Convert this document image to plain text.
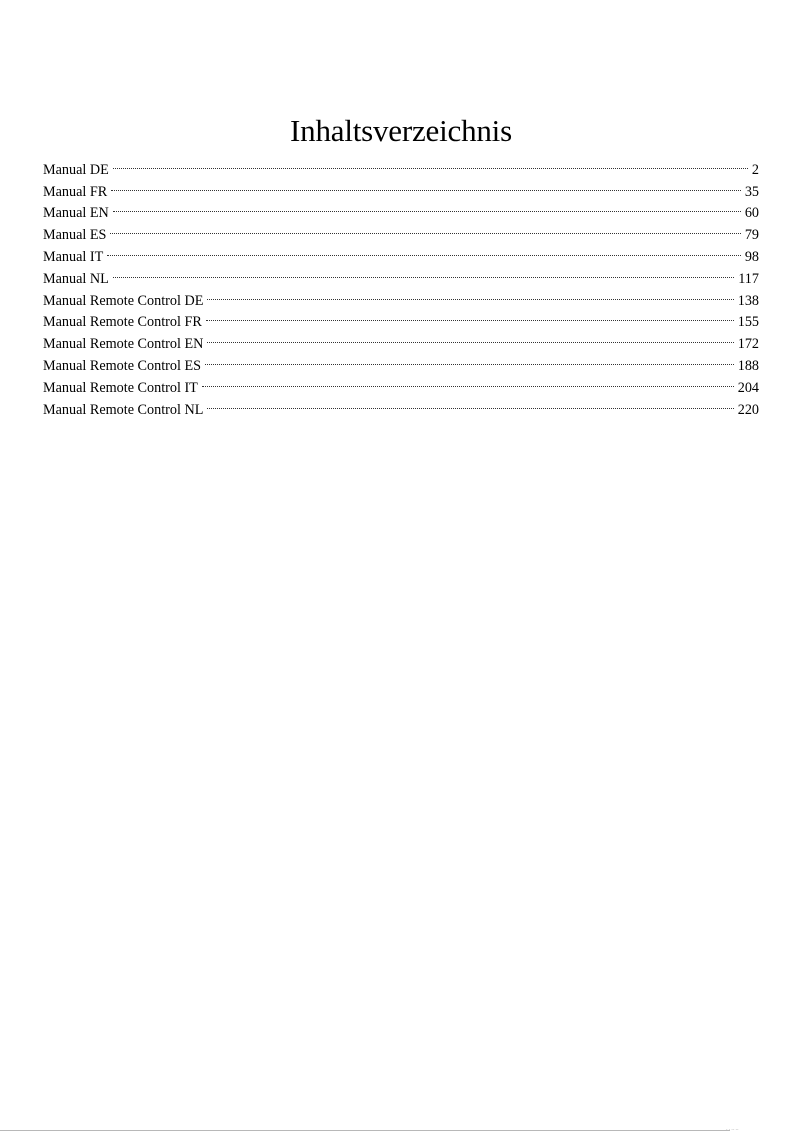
Inhaltsverzeichnis
Manual DE	2
Manual FR	35
Manual EN	60
Manual ES	79
Manual IT	98
Manual NL	117
Manual Remote Control DE	138
Manual Remote Control FR	155
Manual Remote Control EN	172
Manual Remote Control ES	188
Manual Remote Control IT	204
Manual Remote Control NL	220
- - -- --
